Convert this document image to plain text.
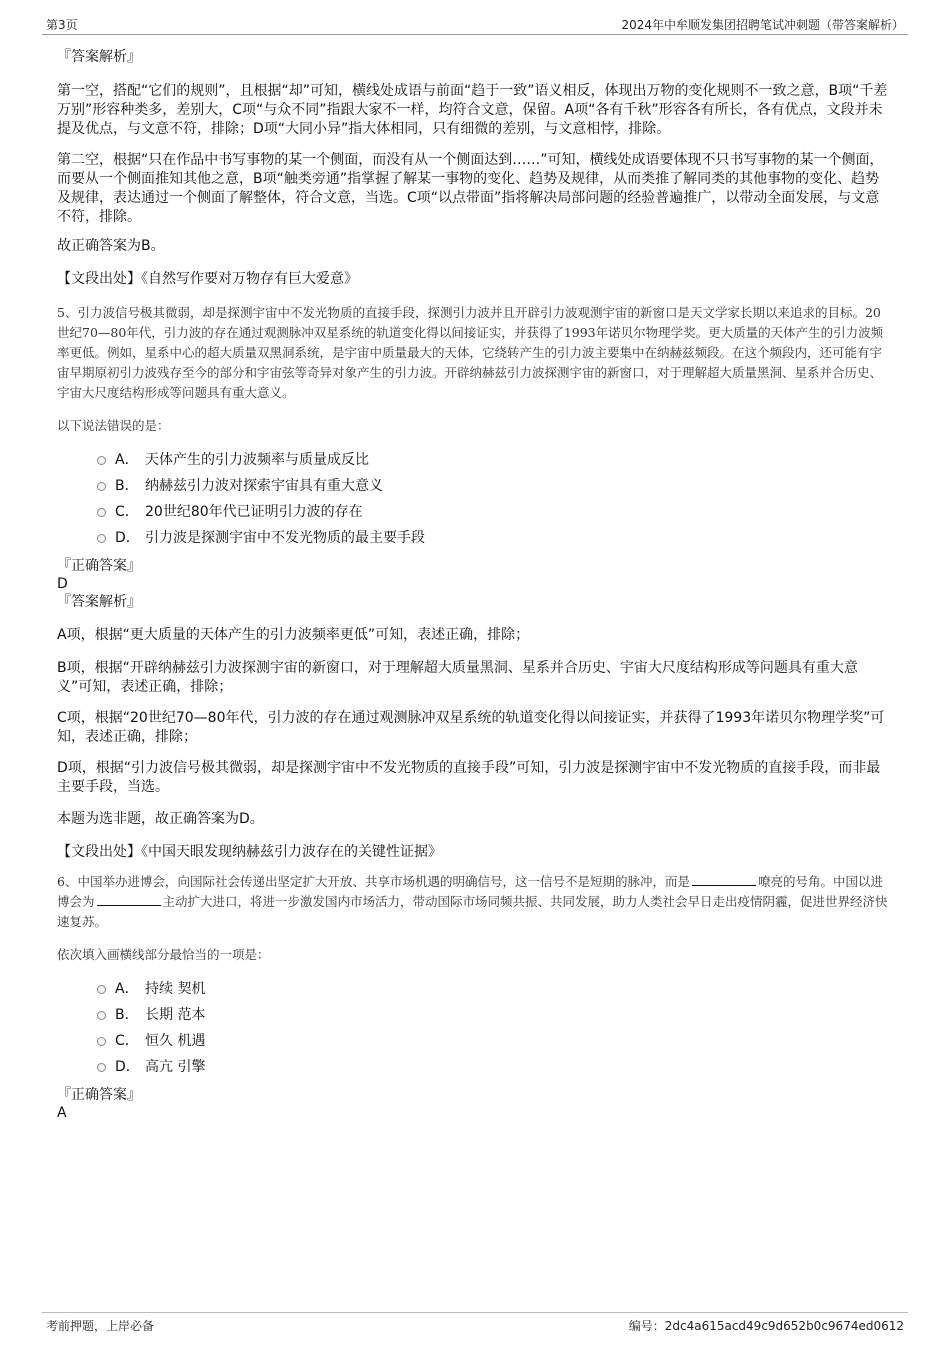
第3页	2024年中牟顺发集团招聘笔试冲刺题（带答案解析）

『答案解析』

第一空，搭配“它们的规则”，且根据“却”可知，横线处成语与前面“趋于一致”语义相反，体现出万物的变化规则不一致之意，B项“千差万别”形容种类多，差别大，C项“与众不同”指跟大家不一样，均符合文意，保留。A项“各有千秋”形容各有所长，各有优点，文段并未提及优点，与文意不符，排除；D项“大同小异”指大体相同，只有细微的差别，与文意相悖，排除。

第二空，根据“只在作品中书写事物的某一个侧面，而没有从一个侧面达到……”可知，横线处成语要体现不只书写事物的某一个侧面，而要从一个侧面推知其他之意，B项“触类旁通”指掌握了解某一事物的变化、趋势及规律，从而类推了解同类的其他事物的变化、趋势及规律，表达通过一个侧面了解整体，符合文意，当选。C项“以点带面”指将解决局部问题的经验普遍推广，以带动全面发展，与文意不符，排除。

故正确答案为B。

【文段出处】《自然写作要对万物存有巨大爱意》

5、引力波信号极其微弱，却是探测宇宙中不发光物质的直接手段，探测引力波并且开辟引力波观测宇宙的新窗口是天文学家长期以来追求的目标。20世纪70—80年代，引力波的存在通过观测脉冲双星系统的轨道变化得以间接证实，并获得了1993年诺贝尔物理学奖。更大质量的天体产生的引力波频率更低。例如，星系中心的超大质量双黑洞系统，是宇宙中质量最大的天体，它绕转产生的引力波主要集中在纳赫兹频段。在这个频段内，还可能有宇宙早期原初引力波残存至今的部分和宇宙弦等奇异对象产生的引力波。开辟纳赫兹引力波探测宇宙的新窗口，对于理解超大质量黑洞、星系并合历史、宇宙大尺度结构形成等问题具有重大意义。

以下说法错误的是：

A． 天体产生的引力波频率与质量成反比
B． 纳赫兹引力波对探索宇宙具有重大意义
C． 20世纪80年代已证明引力波的存在
D． 引力波是探测宇宙中不发光物质的最主要手段

『正确答案』

D

『答案解析』

A项，根据“更大质量的天体产生的引力波频率更低”可知，表述正确，排除；

B项，根据“开辟纳赫兹引力波探测宇宙的新窗口，对于理解超大质量黑洞、星系并合历史、宇宙大尺度结构形成等问题具有重大意义”可知，表述正确，排除；

C项，根据“20世纪70—80年代，引力波的存在通过观测脉冲双星系统的轨道变化得以间接证实，并获得了1993年诺贝尔物理学奖”可知，表述正确，排除；

D项，根据“引力波信号极其微弱，却是探测宇宙中不发光物质的直接手段”可知，引力波是探测宇宙中不发光物质的直接手段，而非最主要手段，当选。

本题为选非题，故正确答案为D。

【文段出处】《中国天眼发现纳赫兹引力波存在的关键性证据》

6、中国举办进博会，向国际社会传递出坚定扩大开放、共享市场机遇的明确信号，这一信号不是短期的脉冲，而是	嘹亮的号角。中国以进博会为	主动扩大进口，将进一步激发国内市场活力，带动国际市场同频共振、共同发展，助力人类社会早日走出疫情阴霾，促进世界经济快速复苏。

依次填入画横线部分最恰当的一项是：

A． 持续 契机
B． 长期 范本
C． 恒久 机遇
D． 高亢 引擎

『正确答案』

A

考前押题，上岸必备	编号：2dc4a615acd49c9d652b0c9674ed0612
